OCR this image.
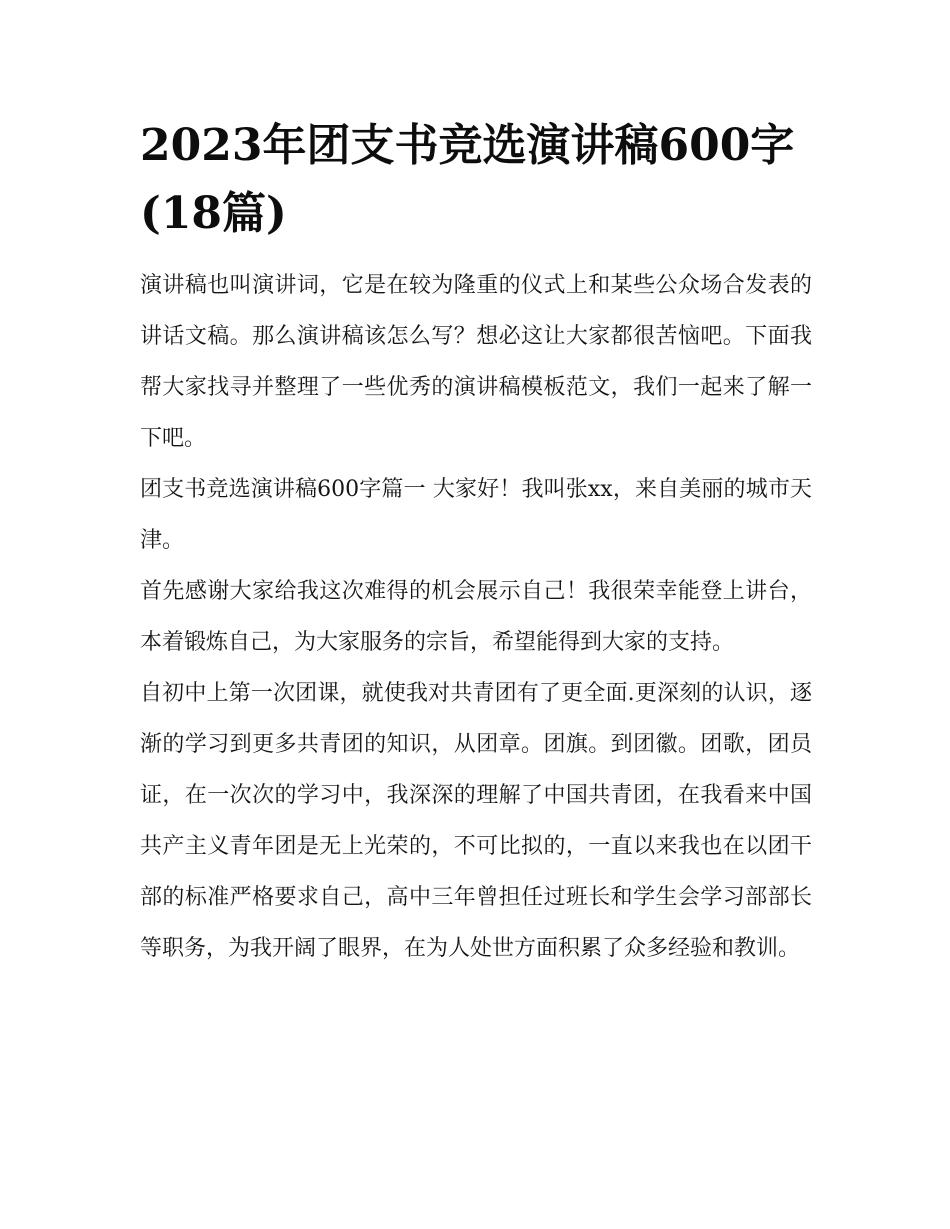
2023年团支书竞选演讲稿600字(18篇)

演讲稿也叫演讲词，它是在较为隆重的仪式上和某些公众场合发表的讲话文稿。那么演讲稿该怎么写？想必这让大家都很苦恼吧。下面我帮大家找寻并整理了一些优秀的演讲稿模板范文，我们一起来了解一下吧。

团支书竞选演讲稿600字篇一 大家好！我叫张xx，来自美丽的城市天津。

首先感谢大家给我这次难得的机会展示自己！我很荣幸能登上讲台，本着锻炼自己，为大家服务的宗旨，希望能得到大家的支持。

自初中上第一次团课，就使我对共青团有了更全面.更深刻的认识，逐渐的学习到更多共青团的知识，从团章。团旗。到团徽。团歌，团员证，在一次次的学习中，我深深的理解了中国共青团，在我看来中国共产主义青年团是无上光荣的，不可比拟的，一直以来我也在以团干部的标准严格要求自己，高中三年曾担任过班长和学生会学习部部长等职务，为我开阔了眼界，在为人处世方面积累了众多经验和教训。
